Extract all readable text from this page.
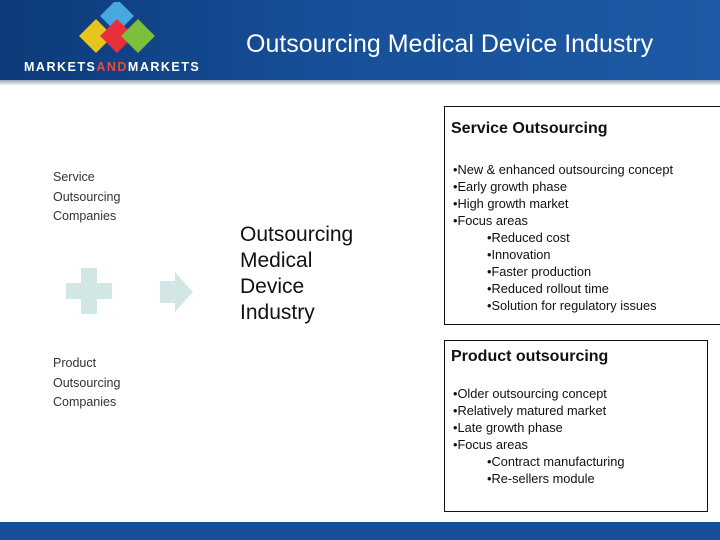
MARKETSANDMARKETS
Outsourcing Medical Device Industry
Service
Outsourcing
Companies
Product
Outsourcing
Companies
Outsourcing
Medical
Device
Industry
Service Outsourcing
•New & enhanced outsourcing concept
•Early growth phase
•High growth market
•Focus areas
•Reduced cost
•Innovation
•Faster production
•Reduced rollout time
•Solution for regulatory issues
Product outsourcing
•Older outsourcing concept
•Relatively matured market
•Late growth phase
•Focus areas
•Contract manufacturing
•Re-sellers module
